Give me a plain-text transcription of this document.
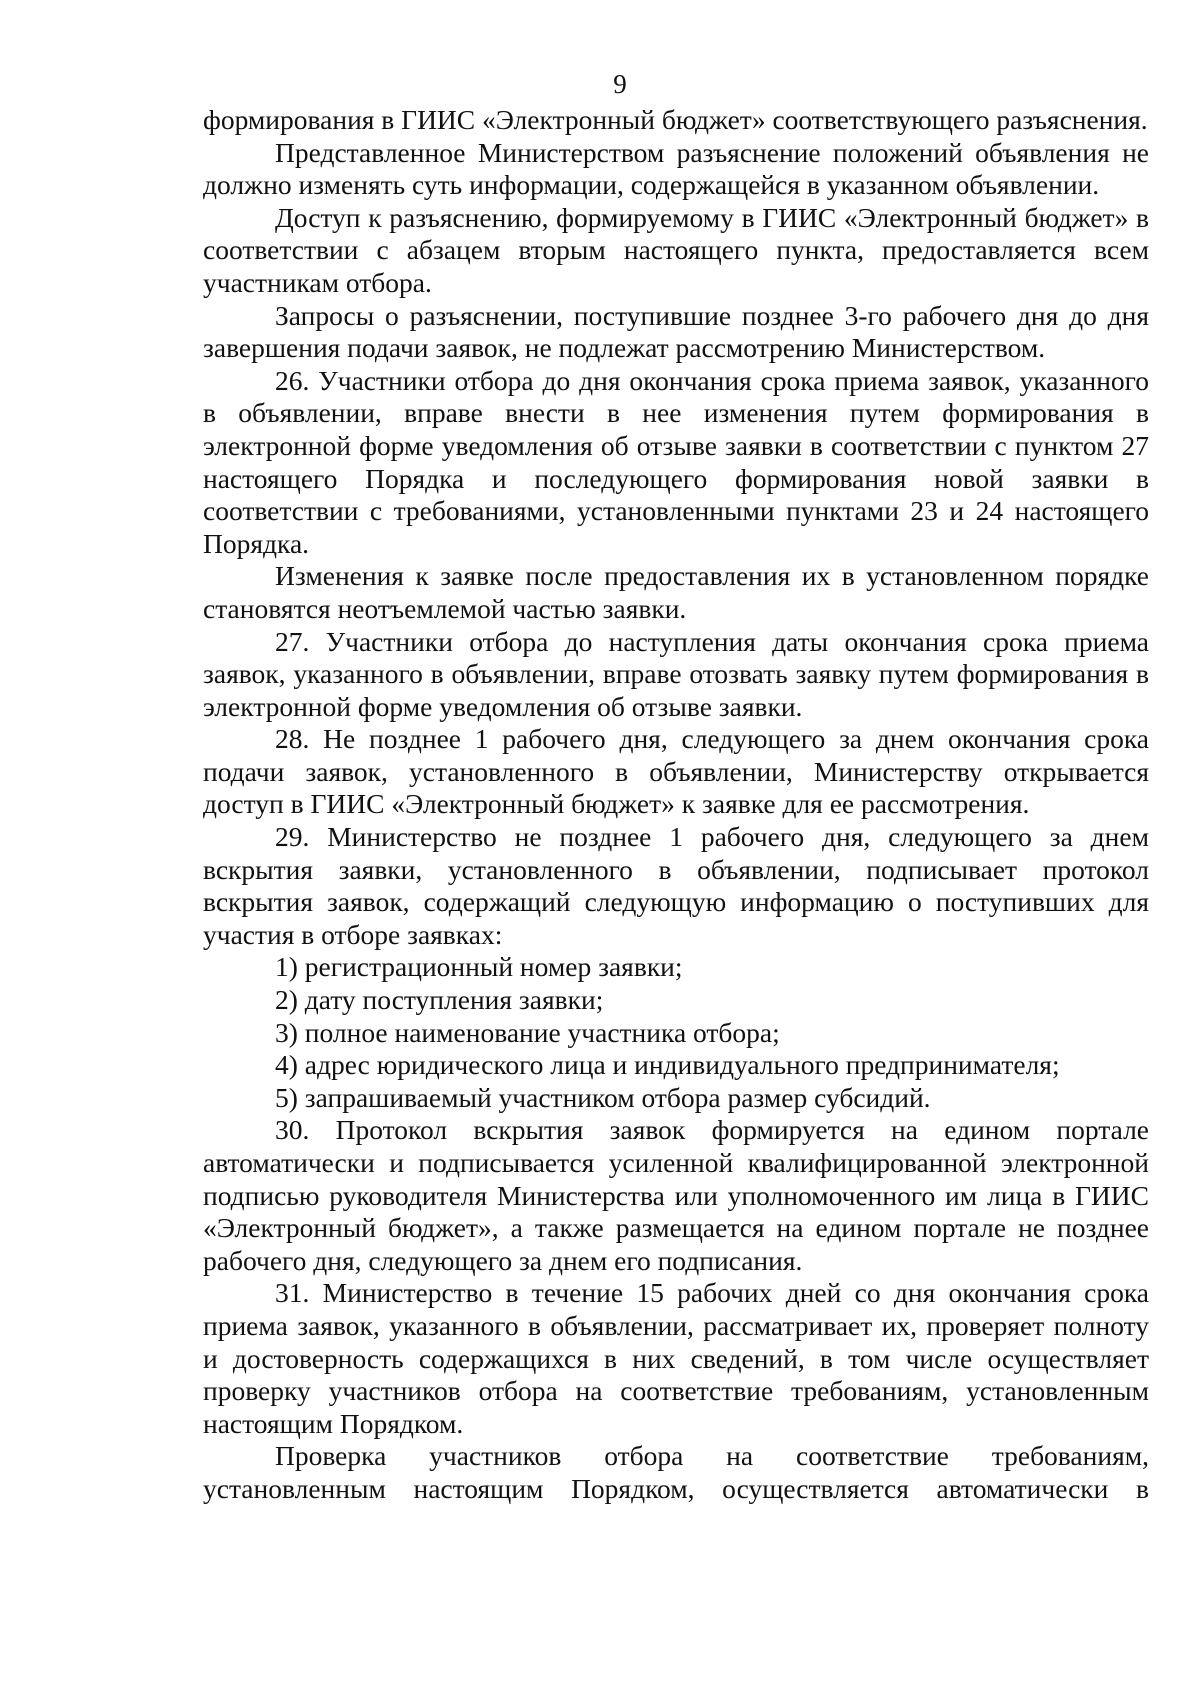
9

формирования в ГИИС «Электронный бюджет» соответствующего разъяснения.

Представленное Министерством разъяснение положений объявления не должно изменять суть информации, содержащейся в указанном объявлении.

Доступ к разъяснению, формируемому в ГИИС «Электронный бюджет» в соответствии с абзацем вторым настоящего пункта, предоставляется всем участникам отбора.

Запросы о разъяснении, поступившие позднее 3-го рабочего дня до дня завершения подачи заявок, не подлежат рассмотрению Министерством.

26. Участники отбора до дня окончания срока приема заявок, указанного в объявлении, вправе внести в нее изменения путем формирования в электронной форме уведомления об отзыве заявки в соответствии с пунктом 27 настоящего Порядка и последующего формирования новой заявки в соответствии с требованиями, установленными пунктами 23 и 24 настоящего Порядка.

Изменения к заявке после предоставления их в установленном порядке становятся неотъемлемой частью заявки.

27. Участники отбора до наступления даты окончания срока приема заявок, указанного в объявлении, вправе отозвать заявку путем формирования в электронной форме уведомления об отзыве заявки.

28. Не позднее 1 рабочего дня, следующего за днем окончания срока подачи заявок, установленного в объявлении, Министерству открывается доступ в ГИИС «Электронный бюджет» к заявке для ее рассмотрения.

29. Министерство не позднее 1 рабочего дня, следующего за днем вскрытия заявки, установленного в объявлении, подписывает протокол вскрытия заявок, содержащий следующую информацию о поступивших для участия в отборе заявках:

1) регистрационный номер заявки;

2) дату поступления заявки;

3) полное наименование участника отбора;

4) адрес юридического лица и индивидуального предпринимателя;

5) запрашиваемый участником отбора размер субсидий.

30. Протокол вскрытия заявок формируется на едином портале автоматически и подписывается усиленной квалифицированной электронной подписью руководителя Министерства или уполномоченного им лица в ГИИС «Электронный бюджет», а также размещается на едином портале не позднее рабочего дня, следующего за днем его подписания.

31. Министерство в течение 15 рабочих дней со дня окончания срока приема заявок, указанного в объявлении, рассматривает их, проверяет полноту и достоверность содержащихся в них сведений, в том числе осуществляет проверку участников отбора на соответствие требованиям, установленным настоящим Порядком.

Проверка участников отбора на соответствие требованиям, установленным настоящим Порядком, осуществляется автоматически в
